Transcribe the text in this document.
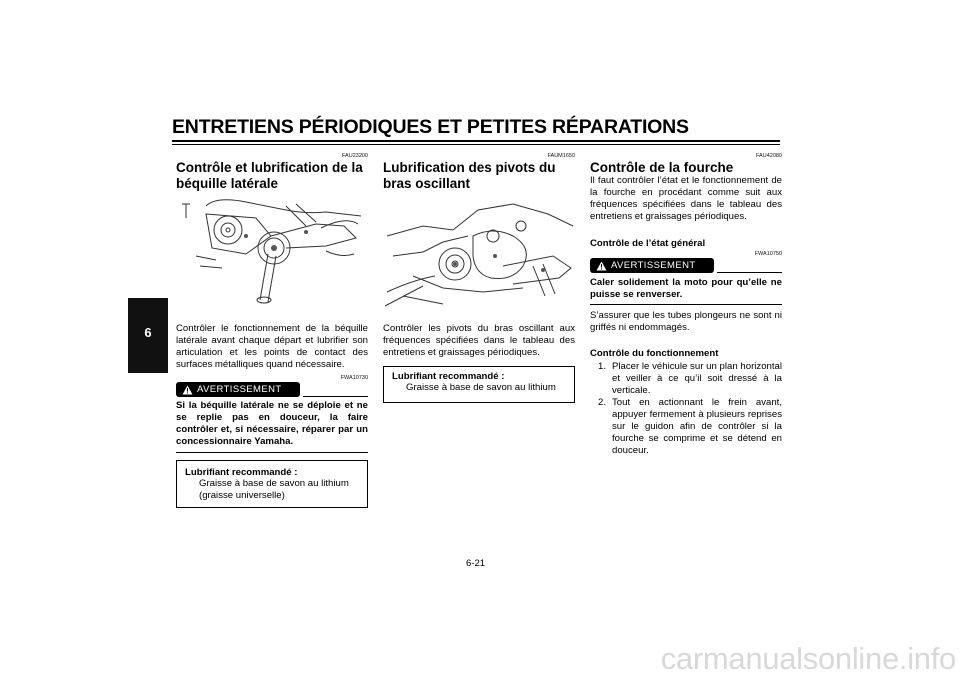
ENTRETIENS PÉRIODIQUES ET PETITES RÉPARATIONS
6
FAU23200
Contrôle et lubrification de la béquille latérale
Contrôler le fonctionnement de la béquille latérale avant chaque départ et lubrifier son articulation et les points de contact des surfaces métalliques quand nécessaire.
FWA10730
AVERTISSEMENT
Si la béquille latérale ne se déploie et ne se replie pas en douceur, la faire contrôler et, si nécessaire, réparer par un concessionnaire Yamaha.
Lubrifiant recommandé :
Graisse à base de savon au lithium (graisse universelle)
FAUM1650
Lubrification des pivots du bras oscillant
Contrôler les pivots du bras oscillant aux fréquences spécifiées dans le tableau des entretiens et graissages périodiques.
Lubrifiant recommandé :
Graisse à base de savon au lithium
FAU42080
Contrôle de la fourche
Il faut contrôler l’état et le fonctionnement de la fourche en procédant comme suit aux fréquences spécifiées dans le tableau des entretiens et graissages périodiques.
Contrôle de l’état général
FWA10750
AVERTISSEMENT
Caler solidement la moto pour qu’elle ne puisse se renverser.
S’assurer que les tubes plongeurs ne sont ni griffés ni endommagés.
Contrôle du fonctionnement
1. Placer le véhicule sur un plan horizontal et veiller à ce qu’il soit dressé à la verticale.
2. Tout en actionnant le frein avant, appuyer fermement à plusieurs reprises sur le guidon afin de contrôler si la fourche se comprime et se détend en douceur.
6-21
carmanualsonline.info
